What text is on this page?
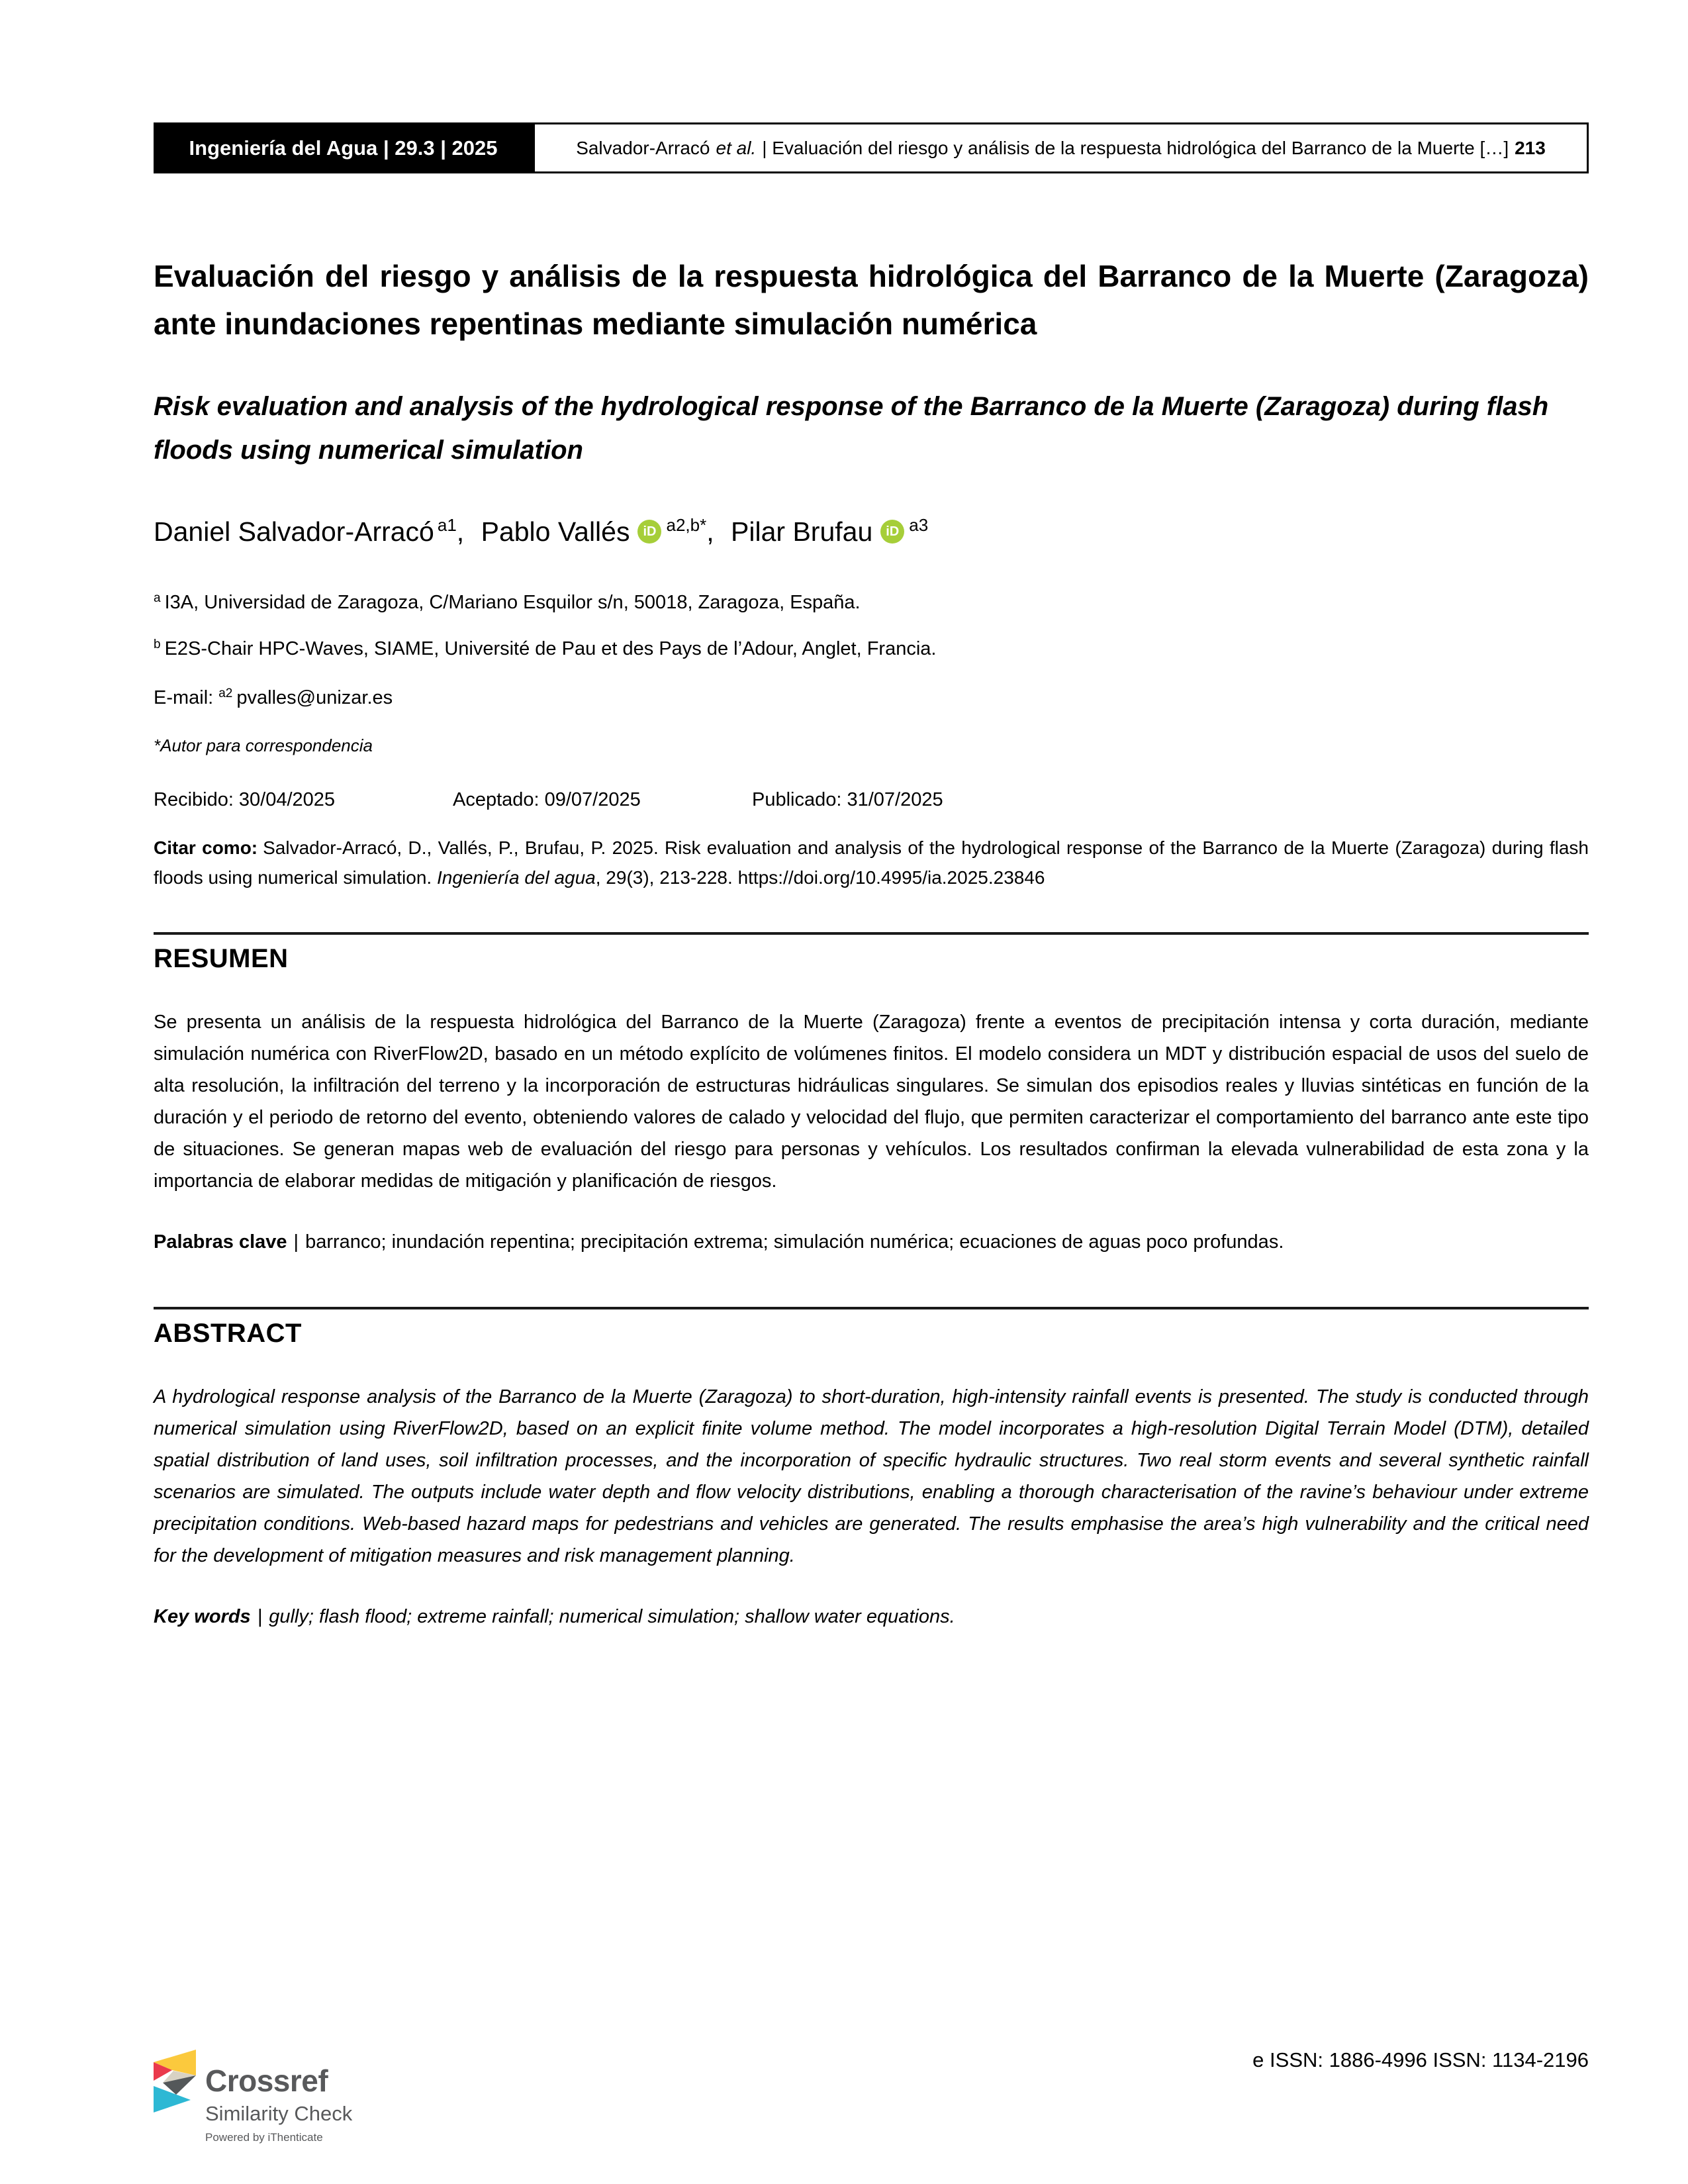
Ingeniería del Agua | 29.3 | 2025	Salvador-Arracó et al. | Evaluación del riesgo y análisis de la respuesta hidrológica del Barranco de la Muerte […] 213
Evaluación del riesgo y análisis de la respuesta hidrológica del Barranco de la Muerte (Zaragoza) ante inundaciones repentinas mediante simulación numérica
Risk evaluation and analysis of the hydrological response of the Barranco de la Muerte (Zaragoza) during flash floods using numerical simulation
Daniel Salvador-Arracó $^{a1}$, Pablo Vallés iD $^{a2,b*}$, Pilar Brufau iD $^{a3}$
$^a$ I3A, Universidad de Zaragoza, C/Mariano Esquilor s/n, 50018, Zaragoza, España.
$^b$ E2S-Chair HPC-Waves, SIAME, Université de Pau et des Pays de l’Adour, Anglet, Francia.
E-mail: $^{a2}$ pvalles@unizar.es
*Autor para correspondencia
Recibido: 30/04/2025	Aceptado: 09/07/2025	Publicado: 31/07/2025
Citar como: Salvador-Arracó, D., Vallés, P., Brufau, P. 2025. Risk evaluation and analysis of the hydrological response of the Barranco de la Muerte (Zaragoza) during flash floods using numerical simulation. Ingeniería del agua, 29(3), 213-228. https://doi.org/10.4995/ia.2025.23846
RESUMEN

Se presenta un análisis de la respuesta hidrológica del Barranco de la Muerte (Zaragoza) frente a eventos de precipitación intensa y corta duración, mediante simulación numérica con RiverFlow2D, basado en un método explícito de volúmenes finitos. El modelo considera un MDT y distribución espacial de usos del suelo de alta resolución, la infiltración del terreno y la incorporación de estructuras hidráulicas singulares. Se simulan dos episodios reales y lluvias sintéticas en función de la duración y el periodo de retorno del evento, obteniendo valores de calado y velocidad del flujo, que permiten caracterizar el comportamiento del barranco ante este tipo de situaciones. Se generan mapas web de evaluación del riesgo para personas y vehículos. Los resultados confirman la elevada vulnerabilidad de esta zona y la importancia de elaborar medidas de mitigación y planificación de riesgos.

Palabras clave | barranco; inundación repentina; precipitación extrema; simulación numérica; ecuaciones de aguas poco profundas.
ABSTRACT

A hydrological response analysis of the Barranco de la Muerte (Zaragoza) to short-duration, high-intensity rainfall events is presented. The study is conducted through numerical simulation using RiverFlow2D, based on an explicit finite volume method. The model incorporates a high-resolution Digital Terrain Model (DTM), detailed spatial distribution of land uses, soil infiltration processes, and the incorporation of specific hydraulic structures. Two real storm events and several synthetic rainfall scenarios are simulated. The outputs include water depth and flow velocity distributions, enabling a thorough characterisation of the ravine’s behaviour under extreme precipitation conditions. Web-based hazard maps for pedestrians and vehicles are generated. The results emphasise the area’s high vulnerability and the critical need for the development of mitigation measures and risk management planning.

Key words | gully; flash flood; extreme rainfall; numerical simulation; shallow water equations.
Crossref
Similarity Check
Powered by iThenticate
e ISSN: 1886-4996 ISSN: 1134-2196
